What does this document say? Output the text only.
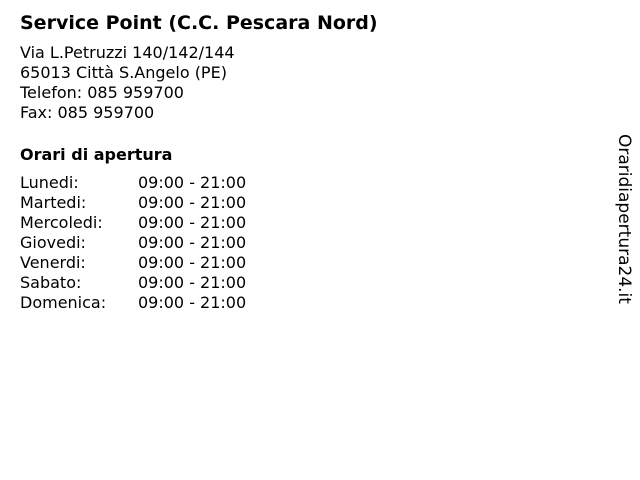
Service Point (C.C. Pescara Nord)
Via L.Petruzzi 140/142/144
65013 Città S.Angelo (PE)
Telefon: 085 959700
Fax: 085 959700
Orari di apertura
Lunedi:	09:00 - 21:00
Martedi:	09:00 - 21:00
Mercoledi:	09:00 - 21:00
Giovedi:	09:00 - 21:00
Venerdi:	09:00 - 21:00
Sabato:	09:00 - 21:00
Domenica:	09:00 - 21:00	Oraridiapertura24.it
